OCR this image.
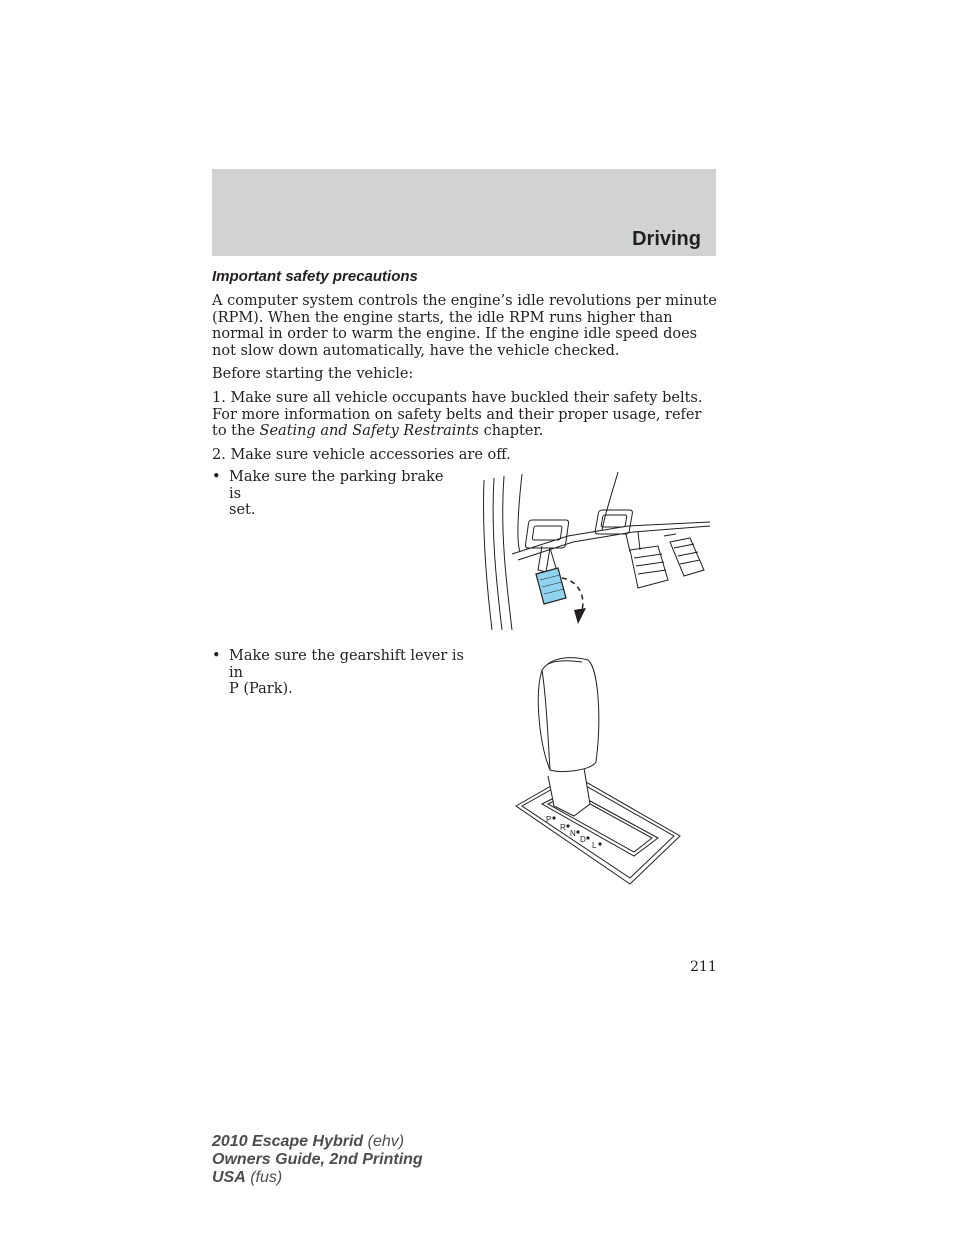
Driving
Important safety precautions
A computer system controls the engine’s idle revolutions per minute (RPM). When the engine starts, the idle RPM runs higher than normal in order to warm the engine. If the engine idle speed does not slow down automatically, have the vehicle checked.
Before starting the vehicle:
1. Make sure all vehicle occupants have buckled their safety belts. For more information on safety belts and their proper usage, refer to the Seating and Safety Restraints chapter.
2. Make sure vehicle accessories are off.
• Make sure the parking brake is
set.
• Make sure the gearshift lever is in
P (Park).
P
R
N
D
L
211
2010 Escape Hybrid (ehv)
Owners Guide, 2nd Printing
USA (fus)
